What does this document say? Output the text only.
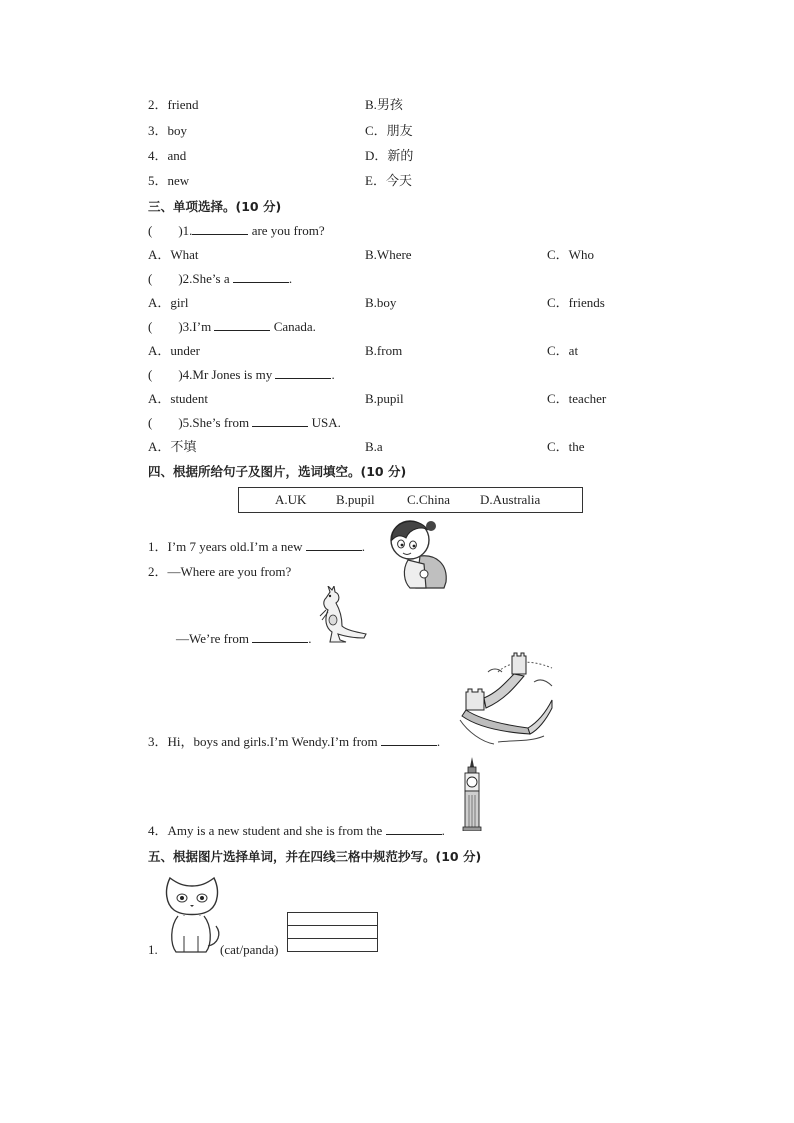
2．friend	B.男孩
3．boy	C．朋友
4．and	D．新的
5．new	E．今天
三、单项选择。(10 分)
( )1.	are you from?
A．What	B.Where	C．Who
( )2.She’s a	.
A．girl	B.boy	C．friends
( )3.I’m	Canada.
A．under	B.from	C．at
( )4.Mr Jones is my	.
A．student	B.pupil	C．teacher
( )5.She’s from	USA.
A．不填	B.a	C．the
四、根据所给句子及图片，选词填空。(10 分)
A.UK B.pupil C.China D.Australia
1．I’m 7 years old.I’m a new	.
2．—Where are you from?
—We’re from	.
3．Hi，boys and girls.I’m Wendy.I’m from	.
4．Amy is a new student and she is from the	.
五、根据图片选择单词，并在四线三格中规范抄写。(10 分)
1.	(cat/panda)
